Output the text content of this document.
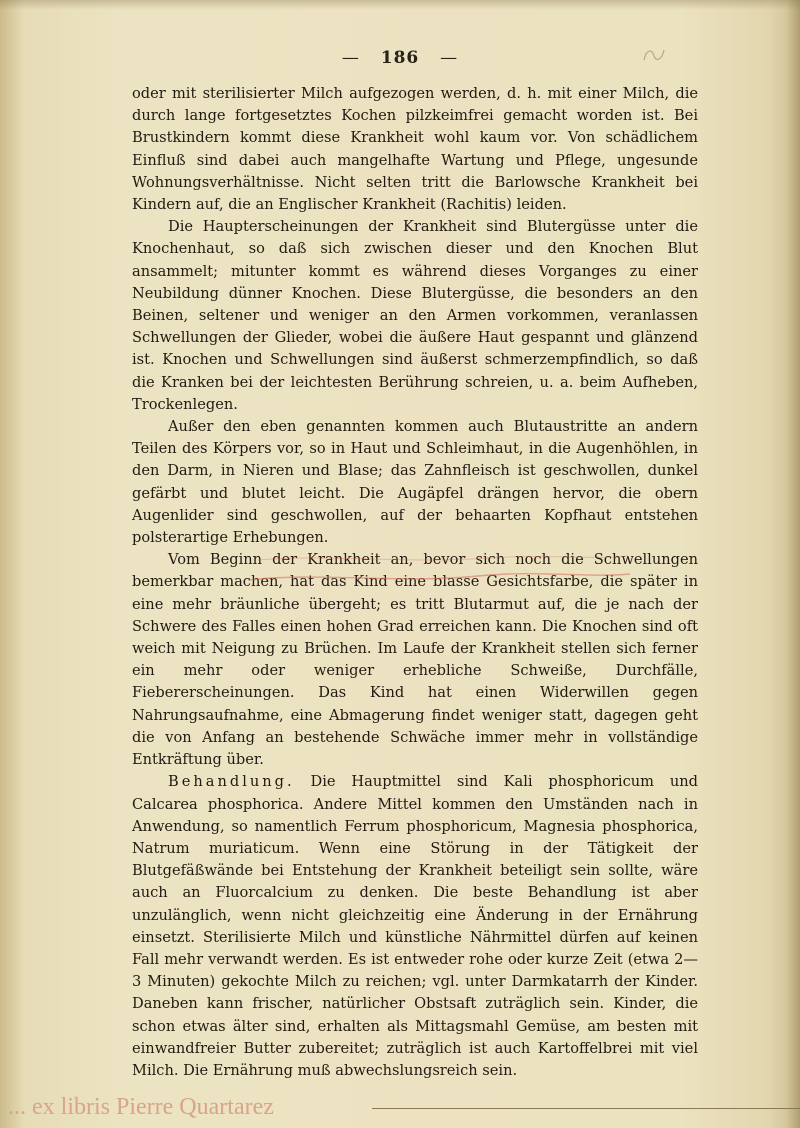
— 186 —

oder mit sterilisierter Milch aufgezogen werden, d. h. mit einer Milch, die durch lange fortgesetztes Kochen pilzkeimfrei gemacht worden ist. Bei Brustkindern kommt diese Krankheit wohl kaum vor. Von schädlichem Einfluß sind dabei auch mangelhafte Wartung und Pflege, ungesunde Wohnungsverhältnisse. Nicht selten tritt die Barlowsche Krankheit bei Kindern auf, die an Englischer Krankheit (Rachitis) leiden.

Die Haupterscheinungen der Krankheit sind Blutergüsse unter die Knochenhaut, so daß sich zwischen dieser und den Knochen Blut ansammelt; mitunter kommt es während dieses Vorganges zu einer Neubildung dünner Knochen. Diese Blutergüsse, die besonders an den Beinen, seltener und weniger an den Armen vorkommen, veranlassen Schwellungen der Glieder, wobei die äußere Haut gespannt und glänzend ist. Knochen und Schwellungen sind äußerst schmerzempfindlich, so daß die Kranken bei der leichtesten Berührung schreien, u. a. beim Aufheben, Trockenlegen.

Außer den eben genannten kommen auch Blutaustritte an andern Teilen des Körpers vor, so in Haut und Schleimhaut, in die Augenhöhlen, in den Darm, in Nieren und Blase; das Zahnfleisch ist geschwollen, dunkel gefärbt und blutet leicht. Die Augäpfel drängen hervor, die obern Augenlider sind geschwollen, auf der behaarten Kopfhaut entstehen polsterartige Erhebungen.

Vom Beginn der Krankheit an, bevor sich noch die Schwellungen bemerkbar machen, hat das Kind eine blasse Gesichtsfarbe, die später in eine mehr bräunliche übergeht; es tritt Blutarmut auf, die je nach der Schwere des Falles einen hohen Grad erreichen kann. Die Knochen sind oft weich mit Neigung zu Brüchen. Im Laufe der Krankheit stellen sich ferner ein mehr oder weniger erhebliche Schweiße, Durchfälle, Fiebererscheinungen. Das Kind hat einen Widerwillen gegen Nahrungsaufnahme, eine Abmagerung findet weniger statt, dagegen geht die von Anfang an bestehende Schwäche immer mehr in vollständige Entkräftung über.

Behandlung. Die Hauptmittel sind Kali phosphoricum und Calcarea phosphorica. Andere Mittel kommen den Umständen nach in Anwendung, so namentlich Ferrum phosphoricum, Magnesia phosphorica, Natrum muriaticum. Wenn eine Störung in der Tätigkeit der Blutgefäßwände bei Entstehung der Krankheit beteiligt sein sollte, wäre auch an Fluorcalcium zu denken. Die beste Behandlung ist aber unzulänglich, wenn nicht gleichzeitig eine Änderung in der Ernährung einsetzt. Sterilisierte Milch und künstliche Nährmittel dürfen auf keinen Fall mehr verwandt werden. Es ist entweder rohe oder kurze Zeit (etwa 2—3 Minuten) gekochte Milch zu reichen; vgl. unter Darmkatarrh der Kinder. Daneben kann frischer, natürlicher Obstsaft zuträglich sein. Kinder, die schon etwas älter sind, erhalten als Mittagsmahl Gemüse, am besten mit einwandfreier Butter zubereitet; zuträglich ist auch Kartoffelbrei mit viel Milch. Die Ernährung muß abwechslungsreich sein.

... ex libris Pierre Quartarez
